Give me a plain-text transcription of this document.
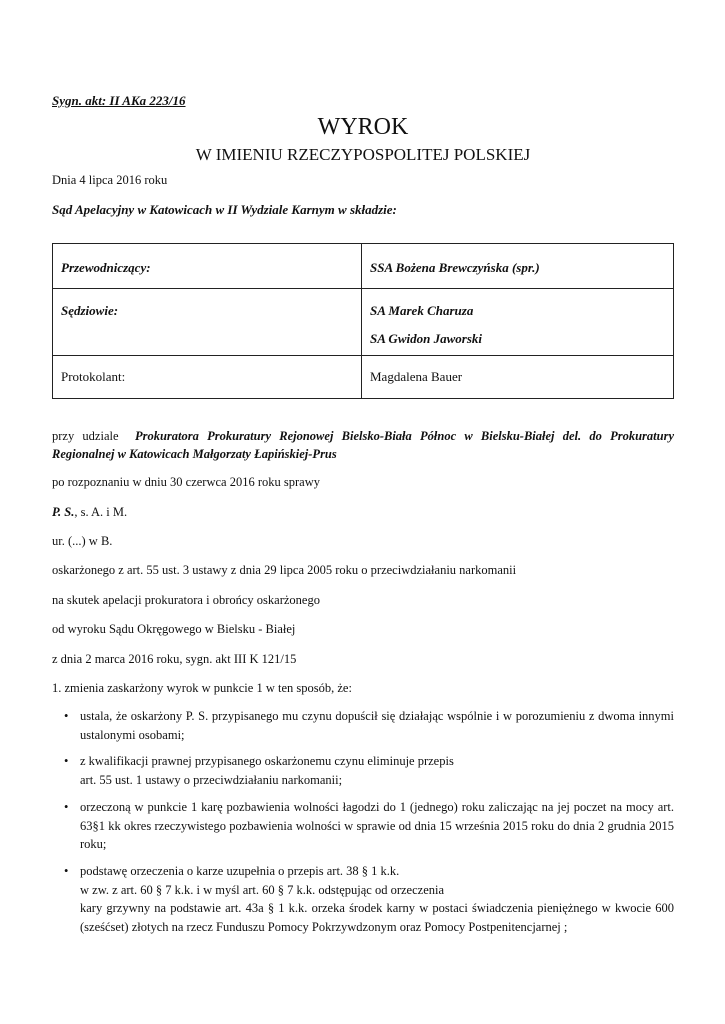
Sygn. akt: II AKa 223/16
WYROK
W IMIENIU RZECZYPOSPOLITEJ POLSKIEJ
Dnia 4 lipca 2016 roku
Sąd Apelacyjny w Katowicach w II Wydziale Karnym w składzie:
Przewodniczący:	SSA Bożena Brewczyńska (spr.)

Sędziowie:	SA Marek Charuza
SA Gwidon Jaworski

Protokolant:	Magdalena Bauer
przy udziale Prokuratora Prokuratury Rejonowej Bielsko-Biała Północ w Bielsku-Białej del. do Prokuratury Regionalnej w Katowicach Małgorzaty Łapińskiej-Prus
po rozpoznaniu w dniu 30 czerwca 2016 roku sprawy
P. S., s. A. i M.
ur. (...) w B.
oskarżonego z art. 55 ust. 3 ustawy z dnia 29 lipca 2005 roku o przeciwdziałaniu narkomanii
na skutek apelacji prokuratora i obrońcy oskarżonego
od wyroku Sądu Okręgowego w Bielsku - Białej
z dnia 2 marca 2016 roku, sygn. akt III K 121/15
1. zmienia zaskarżony wyrok w punkcie 1 w ten sposób, że:
• ustala, że oskarżony P. S. przypisanego mu czynu dopuścił się działając wspólnie i w porozumieniu z dwoma innymi ustalonymi osobami;
• z kwalifikacji prawnej przypisanego oskarżonemu czynu eliminuje przepis
art. 55 ust. 1 ustawy o przeciwdziałaniu narkomanii;
• orzeczoną w punkcie 1 karę pozbawienia wolności łagodzi do 1 (jednego) roku zaliczając na jej poczet na mocy art. 63§1 kk okres rzeczywistego pozbawienia wolności w sprawie od dnia 15 września 2015 roku do dnia 2 grudnia 2015 roku;
• podstawę orzeczenia o karze uzupełnia o przepis art. 38 § 1 k.k.
w zw. z art. 60 § 7 k.k. i w myśl art. 60 § 7 k.k. odstępując od orzeczenia
kary grzywny na podstawie art. 43a § 1 k.k. orzeka środek karny w postaci świadczenia pieniężnego w kwocie 600 (sześćset) złotych na rzecz Funduszu Pomocy Pokrzywdzonym oraz Pomocy Postpenitencjarnej ;
